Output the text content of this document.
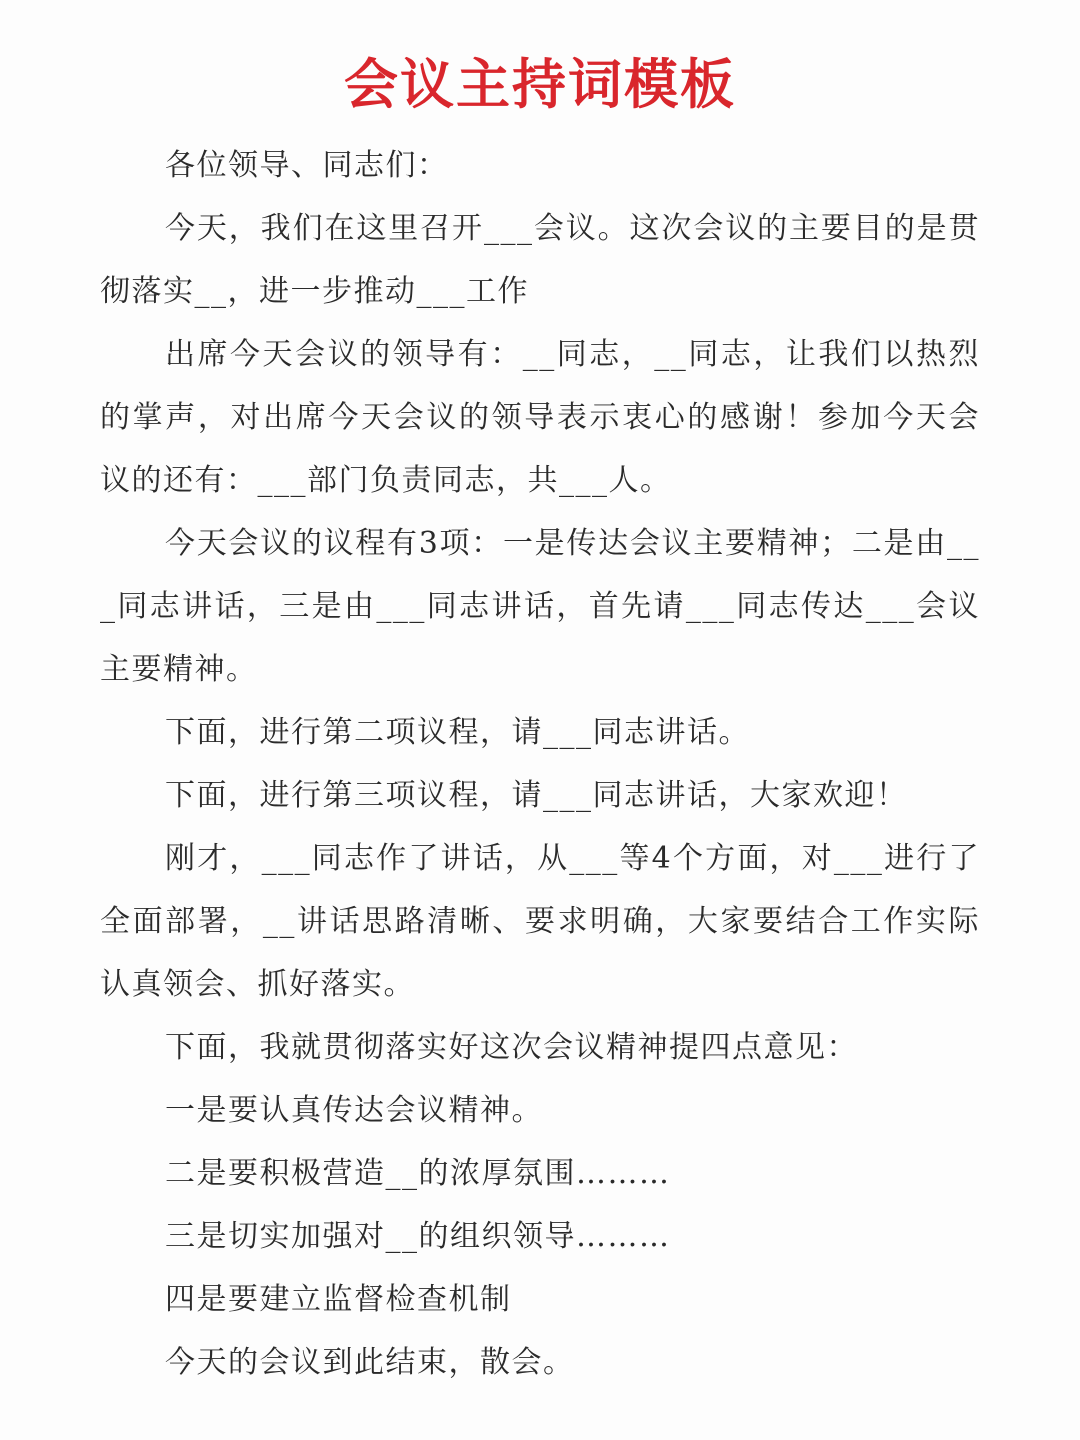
会议主持词模板

各位领导、同志们：

今天，我们在这里召开___会议。这次会议的主要目的是贯彻落实__，进一步推动___工作

出席今天会议的领导有：__同志，__同志，让我们以热烈的掌声，对出席今天会议的领导表示衷心的感谢！参加今天会议的还有：___部门负责同志，共___人。

今天会议的议程有3项：一是传达会议主要精神；二是由___同志讲话，三是由___同志讲话，首先请___同志传达___会议主要精神。

下面，进行第二项议程，请___同志讲话。

下面，进行第三项议程，请___同志讲话，大家欢迎！

刚才，___同志作了讲话，从___等4个方面，对___进行了全面部署，__讲话思路清晰、要求明确，大家要结合工作实际认真领会、抓好落实。

下面，我就贯彻落实好这次会议精神提四点意见：

一是要认真传达会议精神。

二是要积极营造__的浓厚氛围………

三是切实加强对__的组织领导………

四是要建立监督检查机制

今天的会议到此结束，散会。
